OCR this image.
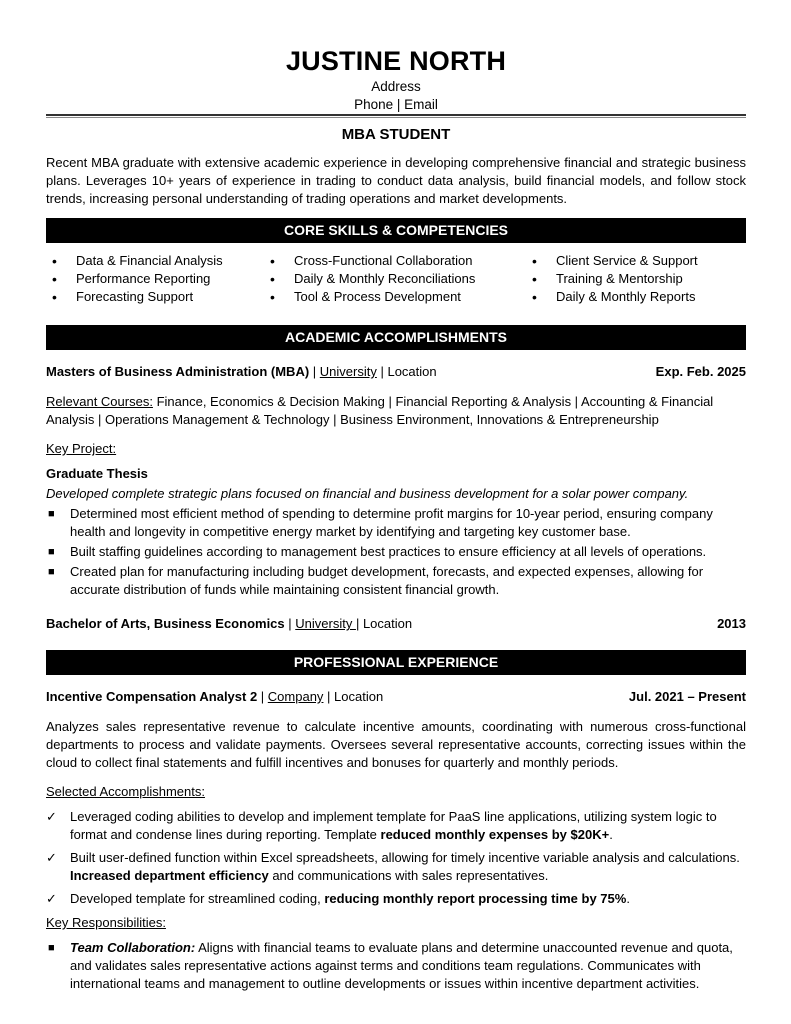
JUSTINE NORTH
Address
Phone | Email
MBA STUDENT
Recent MBA graduate with extensive academic experience in developing comprehensive financial and strategic business plans. Leverages 10+ years of experience in trading to conduct data analysis, build financial models, and follow stock trends, increasing personal understanding of trading operations and market developments.
CORE SKILLS & COMPETENCIES
• Data & Financial Analysis
• Performance Reporting
• Forecasting Support
• Cross-Functional Collaboration
• Daily & Monthly Reconciliations
• Tool & Process Development
• Client Service & Support
• Training & Mentorship
• Daily & Monthly Reports
ACADEMIC ACCOMPLISHMENTS
Masters of Business Administration (MBA) | University | Location	Exp. Feb. 2025
Relevant Courses: Finance, Economics & Decision Making | Financial Reporting & Analysis | Accounting & Financial Analysis | Operations Management & Technology | Business Environment, Innovations & Entrepreneurship
Key Project:
Graduate Thesis
Developed complete strategic plans focused on financial and business development for a solar power company.
■ Determined most efficient method of spending to determine profit margins for 10-year period, ensuring company health and longevity in competitive energy market by identifying and targeting key customer base.
■ Built staffing guidelines according to management best practices to ensure efficiency at all levels of operations.
■ Created plan for manufacturing including budget development, forecasts, and expected expenses, allowing for accurate distribution of funds while maintaining consistent financial growth.
Bachelor of Arts, Business Economics | University | Location	2013
PROFESSIONAL EXPERIENCE
Incentive Compensation Analyst 2 | Company | Location	Jul. 2021 – Present
Analyzes sales representative revenue to calculate incentive amounts, coordinating with numerous cross-functional departments to process and validate payments. Oversees several representative accounts, correcting issues within the cloud to collect final statements and fulfill incentives and bonuses for quarterly and monthly periods.
Selected Accomplishments:
✓ Leveraged coding abilities to develop and implement template for PaaS line applications, utilizing system logic to format and condense lines during reporting. Template reduced monthly expenses by $20K+.
✓ Built user-defined function within Excel spreadsheets, allowing for timely incentive variable analysis and calculations. Increased department efficiency and communications with sales representatives.
✓ Developed template for streamlined coding, reducing monthly report processing time by 75%.
Key Responsibilities:
■ Team Collaboration: Aligns with financial teams to evaluate plans and determine unaccounted revenue and quota, and validates sales representative actions against terms and conditions team regulations. Communicates with international teams and management to outline developments or issues within incentive department activities.
